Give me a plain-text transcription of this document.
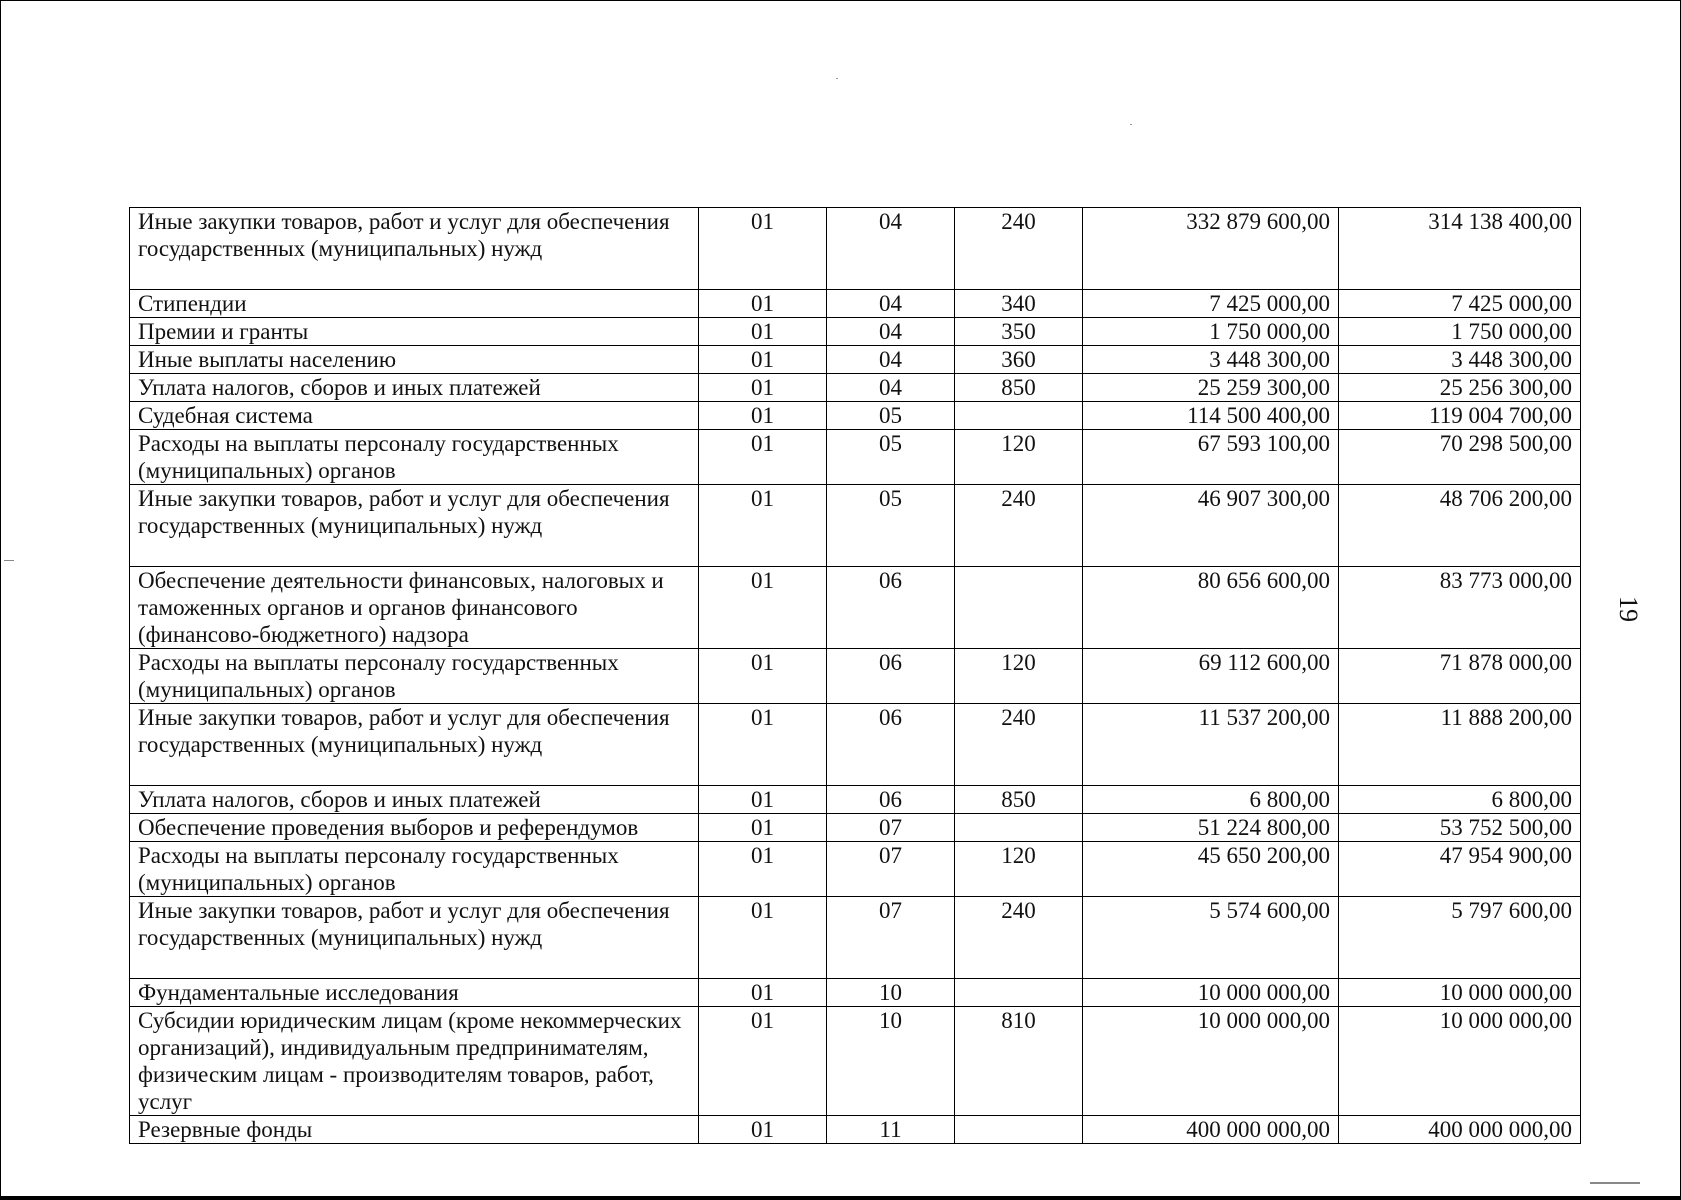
19
Иные закупки товаров, работ и услуг для обеспечения государственных (муниципальных) нужд	01	04	240	332 879 600,00	314 138 400,00
Стипендии	01	04	340	7 425 000,00	7 425 000,00
Премии и гранты	01	04	350	1 750 000,00	1 750 000,00
Иные выплаты населению	01	04	360	3 448 300,00	3 448 300,00
Уплата налогов, сборов и иных платежей	01	04	850	25 259 300,00	25 256 300,00
Судебная система	01	05		114 500 400,00	119 004 700,00
Расходы на выплаты персоналу государственных (муниципальных) органов	01	05	120	67 593 100,00	70 298 500,00
Иные закупки товаров, работ и услуг для обеспечения государственных (муниципальных) нужд	01	05	240	46 907 300,00	48 706 200,00
Обеспечение деятельности финансовых, налоговых и таможенных органов и органов финансового (финансово-бюджетного) надзора	01	06		80 656 600,00	83 773 000,00
Расходы на выплаты персоналу государственных (муниципальных) органов	01	06	120	69 112 600,00	71 878 000,00
Иные закупки товаров, работ и услуг для обеспечения государственных (муниципальных) нужд	01	06	240	11 537 200,00	11 888 200,00
Уплата налогов, сборов и иных платежей	01	06	850	6 800,00	6 800,00
Обеспечение проведения выборов и референдумов	01	07		51 224 800,00	53 752 500,00
Расходы на выплаты персоналу государственных (муниципальных) органов	01	07	120	45 650 200,00	47 954 900,00
Иные закупки товаров, работ и услуг для обеспечения государственных (муниципальных) нужд	01	07	240	5 574 600,00	5 797 600,00
Фундаментальные исследования	01	10		10 000 000,00	10 000 000,00
Субсидии юридическим лицам (кроме некоммерческих организаций), индивидуальным предпринимателям, физическим лицам - производителям товаров, работ, услуг	01	10	810	10 000 000,00	10 000 000,00
Резервные фонды	01	11		400 000 000,00	400 000 000,00
